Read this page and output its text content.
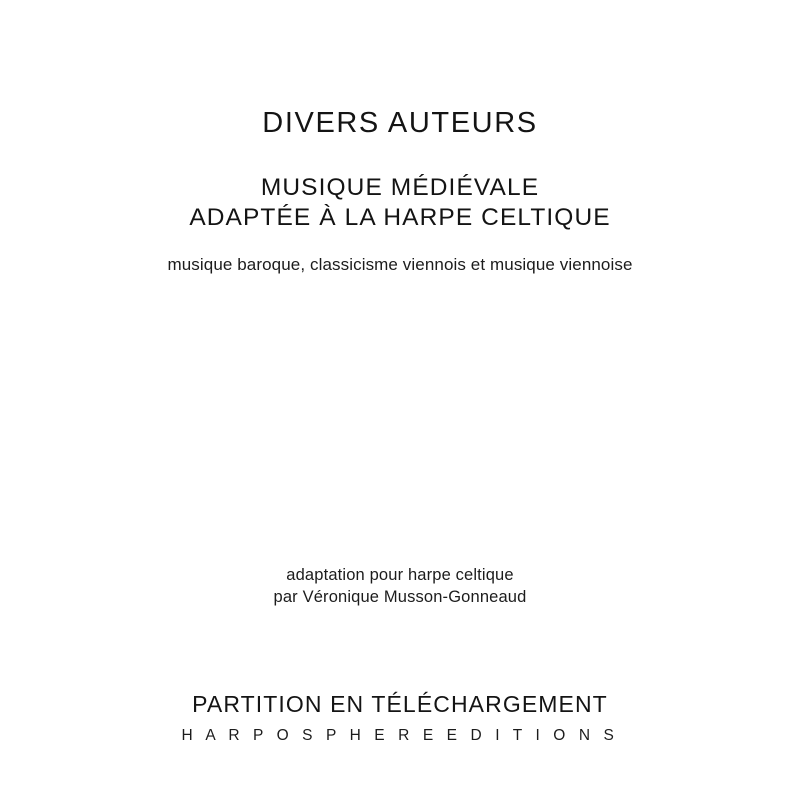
DIVERS AUTEURS
MUSIQUE MÉDIÉVALE
ADAPTÉE À LA HARPE CELTIQUE
musique baroque, classicisme viennois et musique viennoise
adaptation pour harpe celtique
par Véronique Musson-Gonneaud
PARTITION EN TÉLÉCHARGEMENT
H A R P O S P H E R E E D I T I O N S
